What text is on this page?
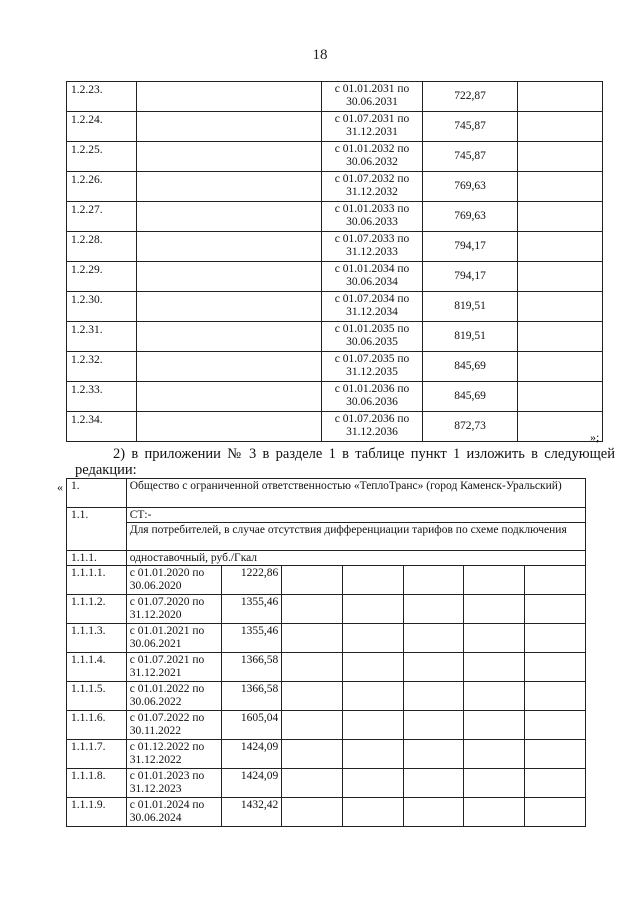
18
1.2.23.		с 01.01.2031 по
30.06.2031	722,87	
1.2.24.		с 01.07.2031 по
31.12.2031	745,87	
1.2.25.		с 01.01.2032 по
30.06.2032	745,87	
1.2.26.		с 01.07.2032 по
31.12.2032	769,63	
1.2.27.		с 01.01.2033 по
30.06.2033	769,63	
1.2.28.		с 01.07.2033 по
31.12.2033	794,17	
1.2.29.		с 01.01.2034 по
30.06.2034	794,17	
1.2.30.		с 01.07.2034 по
31.12.2034	819,51	
1.2.31.		с 01.01.2035 по
30.06.2035	819,51	
1.2.32.		с 01.07.2035 по
31.12.2035	845,69	
1.2.33.		с 01.01.2036 по
30.06.2036	845,69	
1.2.34.		с 01.07.2036 по
31.12.2036	872,73	
»;
2) в приложении № 3 в разделе 1 в таблице пункт 1 изложить в следующей редакции:
« 1.	Общество с ограниченной ответственностью «ТеплоТранс» (город Каменск-Уральский)						
1.1.	СТ:-						
	Для потребителей, в случае отсутствия дифференциации тарифов по схеме подключения						
1.1.1.	одноставочный, руб./Гкал						
1.1.1.1.	с 01.01.2020 по
30.06.2020	1222,86					
1.1.1.2.	с 01.07.2020 по
31.12.2020	1355,46					
1.1.1.3.	с 01.01.2021 по
30.06.2021	1355,46					
1.1.1.4.	с 01.07.2021 по
31.12.2021	1366,58					
1.1.1.5.	с 01.01.2022 по
30.06.2022	1366,58					
1.1.1.6.	с 01.07.2022 по
30.11.2022	1605,04					
1.1.1.7.	с 01.12.2022 по
31.12.2022	1424,09					
1.1.1.8.	с 01.01.2023 по
31.12.2023	1424,09					
1.1.1.9.	с 01.01.2024 по
30.06.2024	1432,42					
